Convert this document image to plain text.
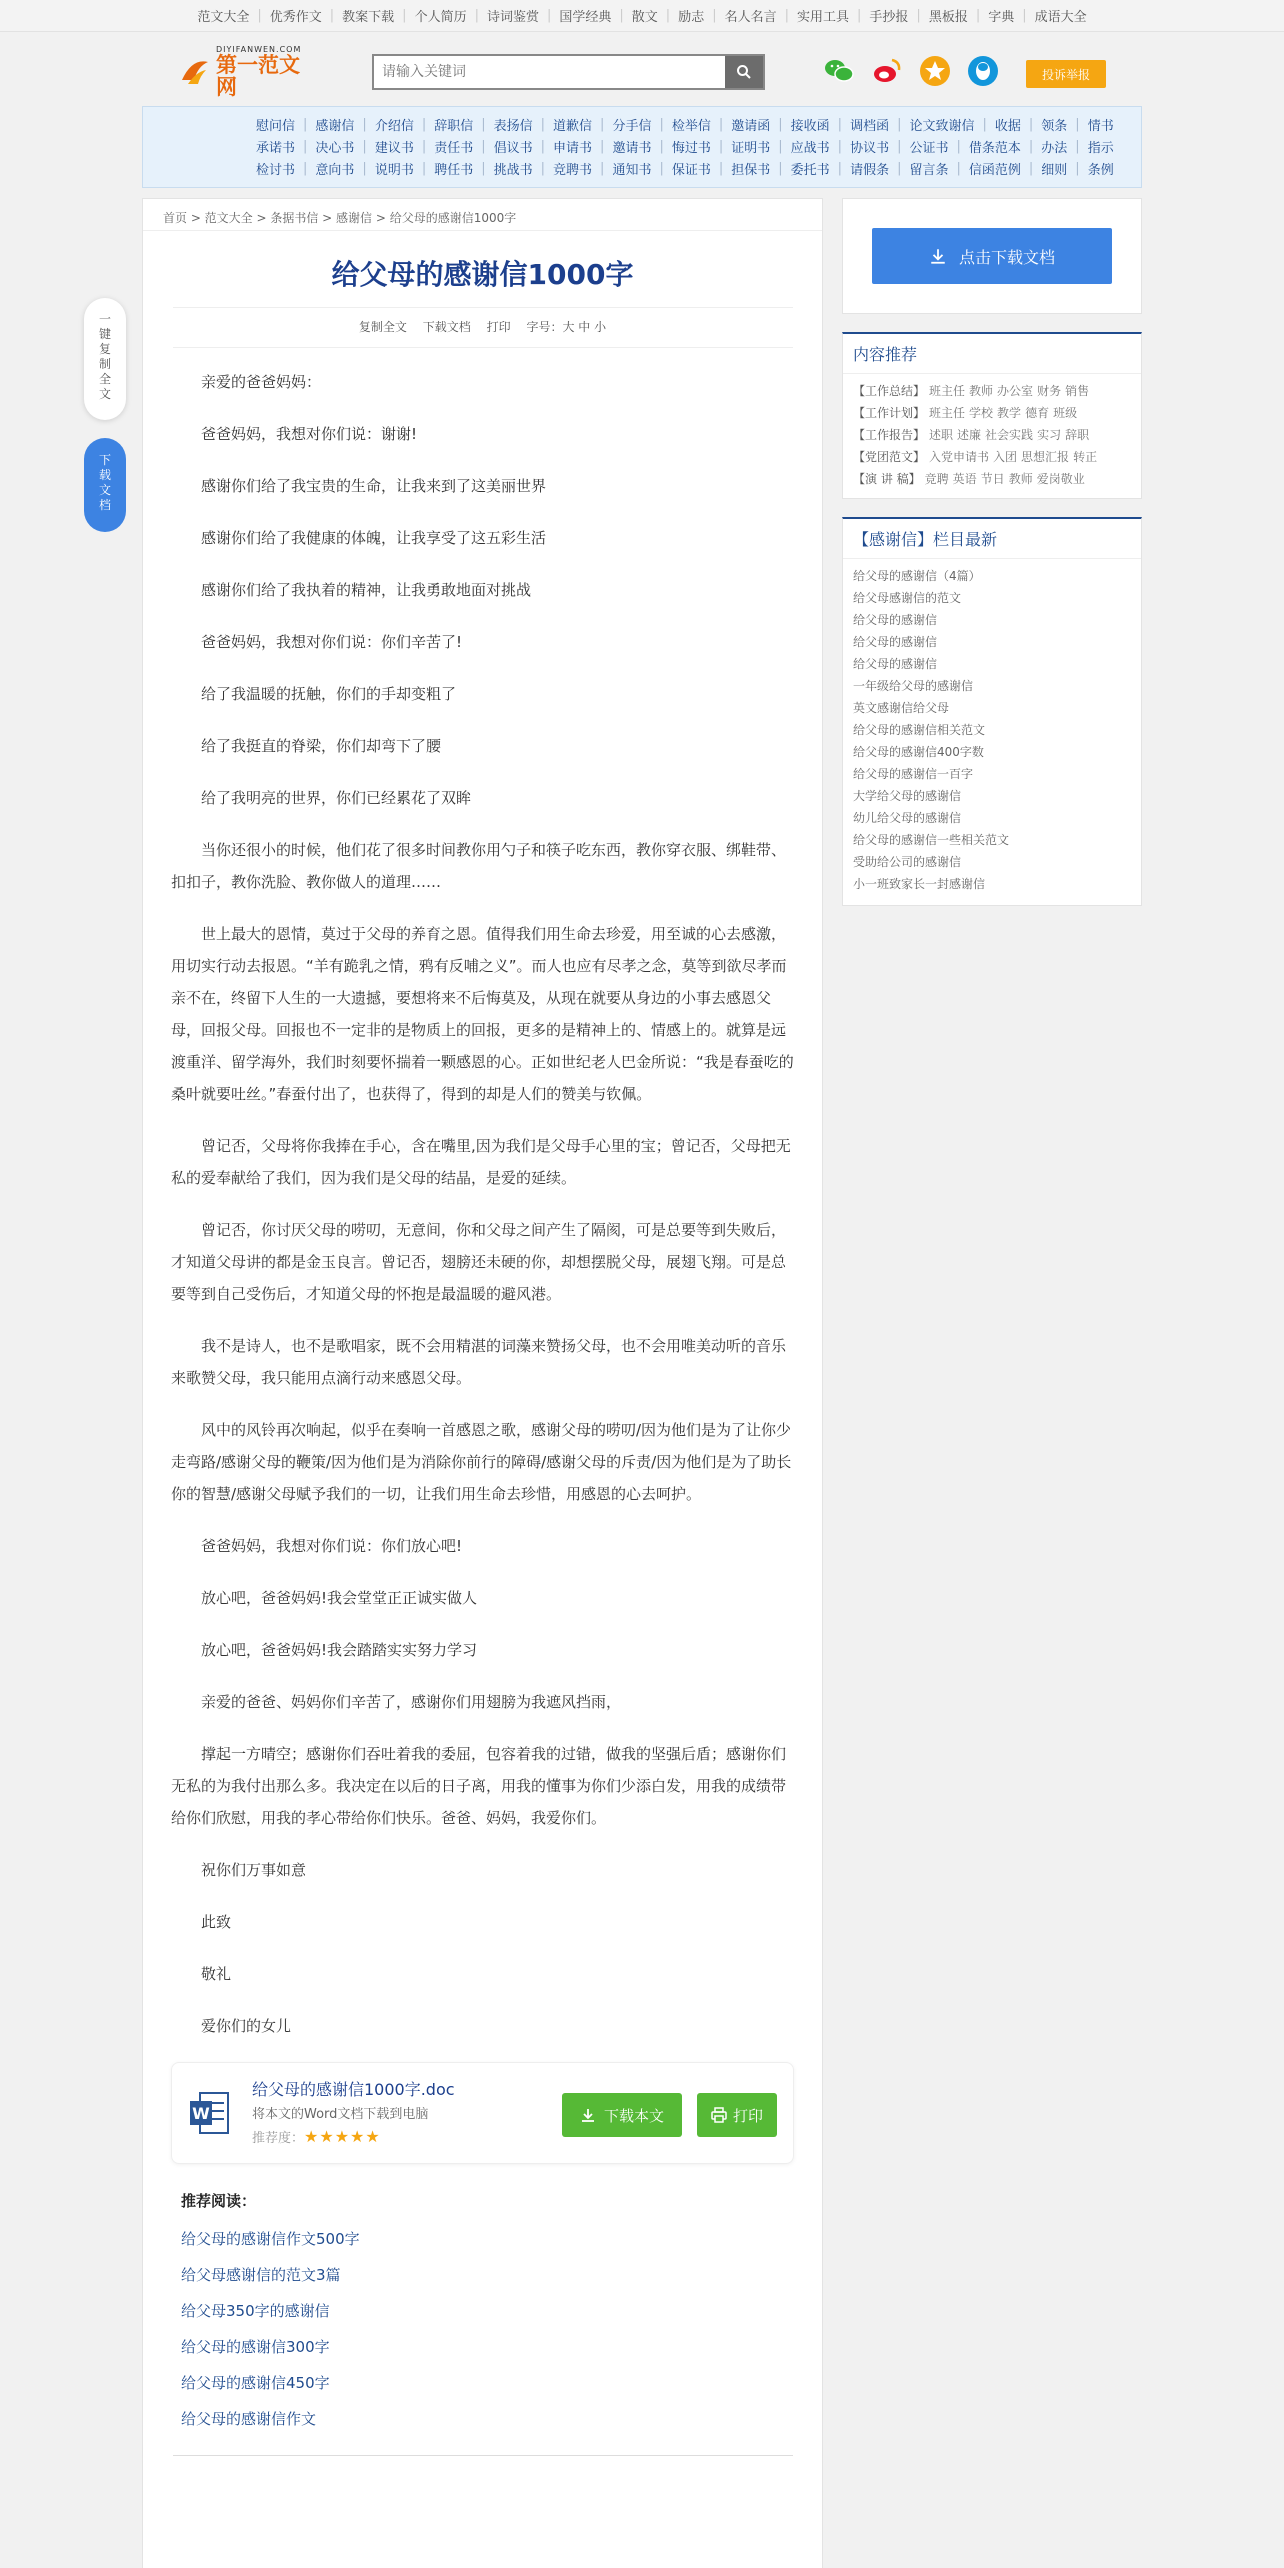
范文大全 | 优秀作文 | 教案下载 | 个人简历 | 诗词鉴赏 | 国学经典 | 散文 | 励志 | 名人名言 | 实用工具 | 手抄报 | 黑板报 | 字典 | 成语大全
DIYIFANWEN.COM
第一范文网
请输入关键词	投诉举报
慰问信 | 感谢信 | 介绍信 | 辞职信 | 表扬信 | 道歉信 | 分手信 | 检举信 | 邀请函 | 接收函 | 调档函 | 论文致谢信 | 收据 | 领条 | 情书
承诺书 | 决心书 | 建议书 | 责任书 | 倡议书 | 申请书 | 邀请书 | 悔过书 | 证明书 | 应战书 | 协议书 | 公证书 | 借条范本 | 办法 | 指示
检讨书 | 意向书 | 说明书 | 聘任书 | 挑战书 | 竞聘书 | 通知书 | 保证书 | 担保书 | 委托书 | 请假条 | 留言条 | 信函范例 | 细则 | 条例
一键复制全文
下载文档
首页 > 范文大全 > 条据书信 > 感谢信 > 给父母的感谢信1000字
给父母的感谢信1000字
复制全文 下载文档 打印 字号：大 中 小

亲爱的爸爸妈妈：

爸爸妈妈，我想对你们说：谢谢!

感谢你们给了我宝贵的生命，让我来到了这美丽世界

感谢你们给了我健康的体魄，让我享受了这五彩生活

感谢你们给了我执着的精神，让我勇敢地面对挑战

爸爸妈妈，我想对你们说：你们辛苦了!

给了我温暖的抚触，你们的手却变粗了

给了我挺直的脊梁，你们却弯下了腰

给了我明亮的世界，你们已经累花了双眸

当你还很小的时候，他们花了很多时间教你用勺子和筷子吃东西，教你穿衣服、绑鞋带、扣扣子，教你洗脸、教你做人的道理……

世上最大的恩情，莫过于父母的养育之恩。值得我们用生命去珍爱，用至诚的心去感激，用切实行动去报恩。“羊有跪乳之情，鸦有反哺之义”。而人也应有尽孝之念，莫等到欲尽孝而亲不在，终留下人生的一大遗撼，要想将来不后悔莫及，从现在就要从身边的小事去感恩父母，回报父母。回报也不一定非的是物质上的回报，更多的是精神上的、情感上的。就算是远渡重洋、留学海外，我们时刻要怀揣着一颗感恩的心。正如世纪老人巴金所说：“我是春蚕吃的桑叶就要吐丝。”春蚕付出了，也获得了，得到的却是人们的赞美与钦佩。

曾记否，父母将你我捧在手心，含在嘴里,因为我们是父母手心里的宝；曾记否，父母把无私的爱奉献给了我们，因为我们是父母的结晶，是爱的延续。

曾记否，你讨厌父母的唠叨，无意间，你和父母之间产生了隔阂，可是总要等到失败后，才知道父母讲的都是金玉良言。曾记否，翅膀还未硬的你，却想摆脱父母，展翅飞翔。可是总要等到自己受伤后，才知道父母的怀抱是最温暖的避风港。

我不是诗人，也不是歌唱家，既不会用精湛的词藻来赞扬父母，也不会用唯美动听的音乐来歌赞父母，我只能用点滴行动来感恩父母。

风中的风铃再次响起，似乎在奏响一首感恩之歌，感谢父母的唠叨/因为他们是为了让你少走弯路/感谢父母的鞭策/因为他们是为消除你前行的障碍/感谢父母的斥责/因为他们是为了助长你的智慧/感谢父母赋予我们的一切，让我们用生命去珍惜，用感恩的心去呵护。

爸爸妈妈，我想对你们说：你们放心吧!

放心吧，爸爸妈妈!我会堂堂正正诚实做人

放心吧，爸爸妈妈!我会踏踏实实努力学习

亲爱的爸爸、妈妈你们辛苦了，感谢你们用翅膀为我遮风挡雨，

撑起一方晴空；感谢你们吞吐着我的委屈，包容着我的过错，做我的坚强后盾；感谢你们无私的为我付出那么多。我决定在以后的日子离，用我的懂事为你们少添白发，用我的成绩带给你们欣慰，用我的孝心带给你们快乐。爸爸、妈妈，我爱你们。

祝你们万事如意

此致

敬礼

爱你们的女儿

W
给父母的感谢信1000字.doc
将本文的Word文档下载到电脑
推荐度： ★★★★★
下载本文	打印
推荐阅读：
给父母的感谢信作文500字
给父母感谢信的范文3篇
给父母350字的感谢信
给父母的感谢信300字
给父母的感谢信450字
给父母的感谢信作文
点击下载文档
内容推荐
【工作总结】 班主任 教师 办公室 财务 销售
【工作计划】 班主任 学校 教学 德育 班级
【工作报告】 述职 述廉 社会实践 实习 辞职
【党团范文】 入党申请书 入团 思想汇报 转正
【演 讲 稿】 竞聘 英语 节日 教师 爱岗敬业
【感谢信】栏目最新
给父母的感谢信（4篇）
给父母感谢信的范文
给父母的感谢信
给父母的感谢信
给父母的感谢信
一年级给父母的感谢信
英文感谢信给父母
给父母的感谢信相关范文
给父母的感谢信400字数
给父母的感谢信一百字
大学给父母的感谢信
幼儿给父母的感谢信
给父母的感谢信一些相关范文
受助给公司的感谢信
小一班致家长一封感谢信
